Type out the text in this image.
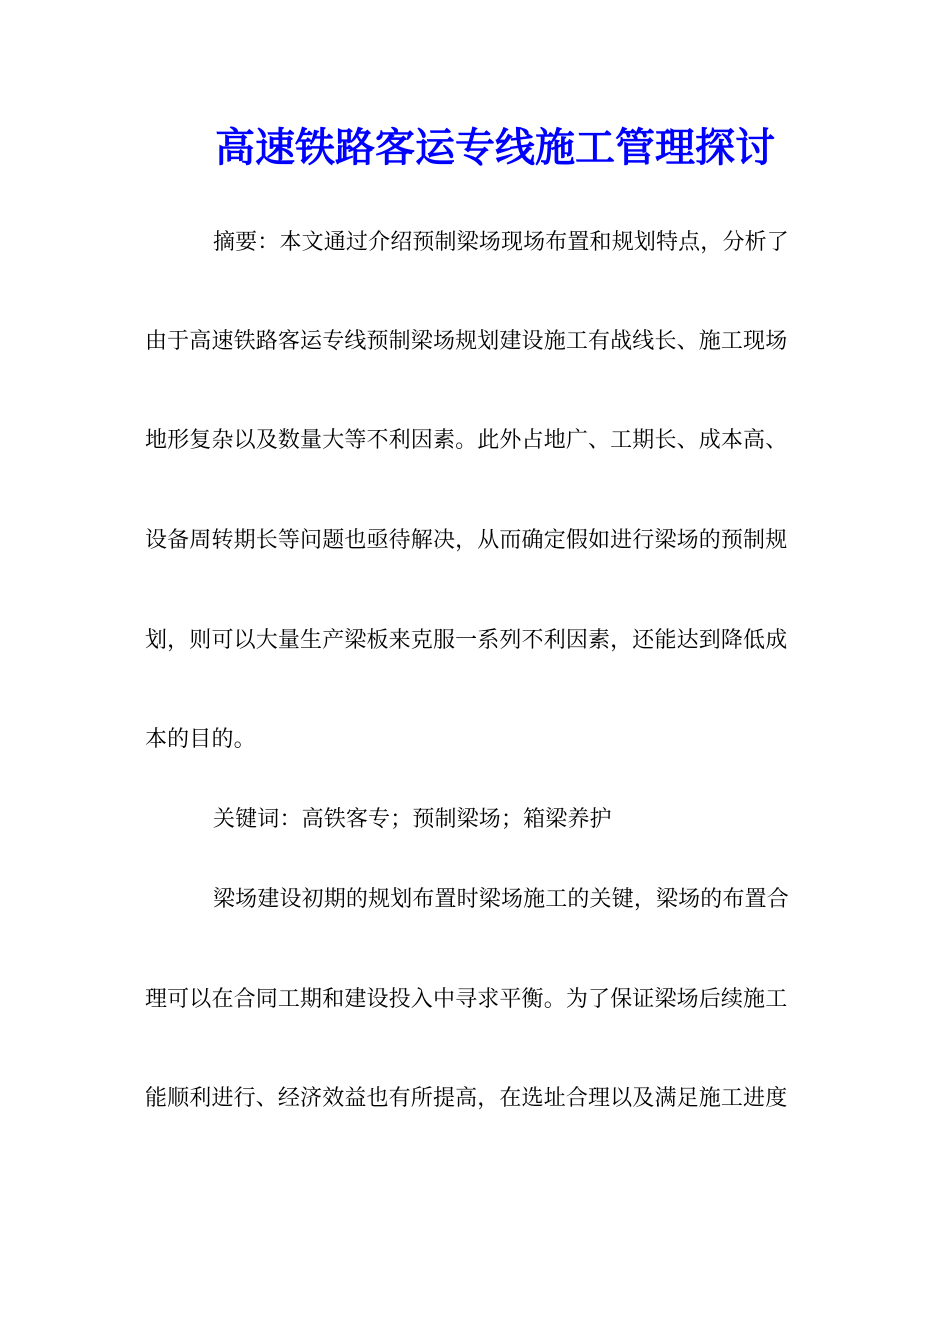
高速铁路客运专线施工管理探讨
摘要：本文通过介绍预制梁场现场布置和规划特点，分析了
由于高速铁路客运专线预制梁场规划建设施工有战线长、施工现场
地形复杂以及数量大等不利因素。此外占地广、工期长、成本高、
设备周转期长等问题也亟待解决，从而确定假如进行梁场的预制规
划，则可以大量生产梁板来克服一系列不利因素，还能达到降低成
本的目的。
关键词：高铁客专；预制梁场；箱梁养护
梁场建设初期的规划布置时梁场施工的关键，梁场的布置合
理可以在合同工期和建设投入中寻求平衡。为了保证梁场后续施工
能顺利进行、经济效益也有所提高，在选址合理以及满足施工进度
